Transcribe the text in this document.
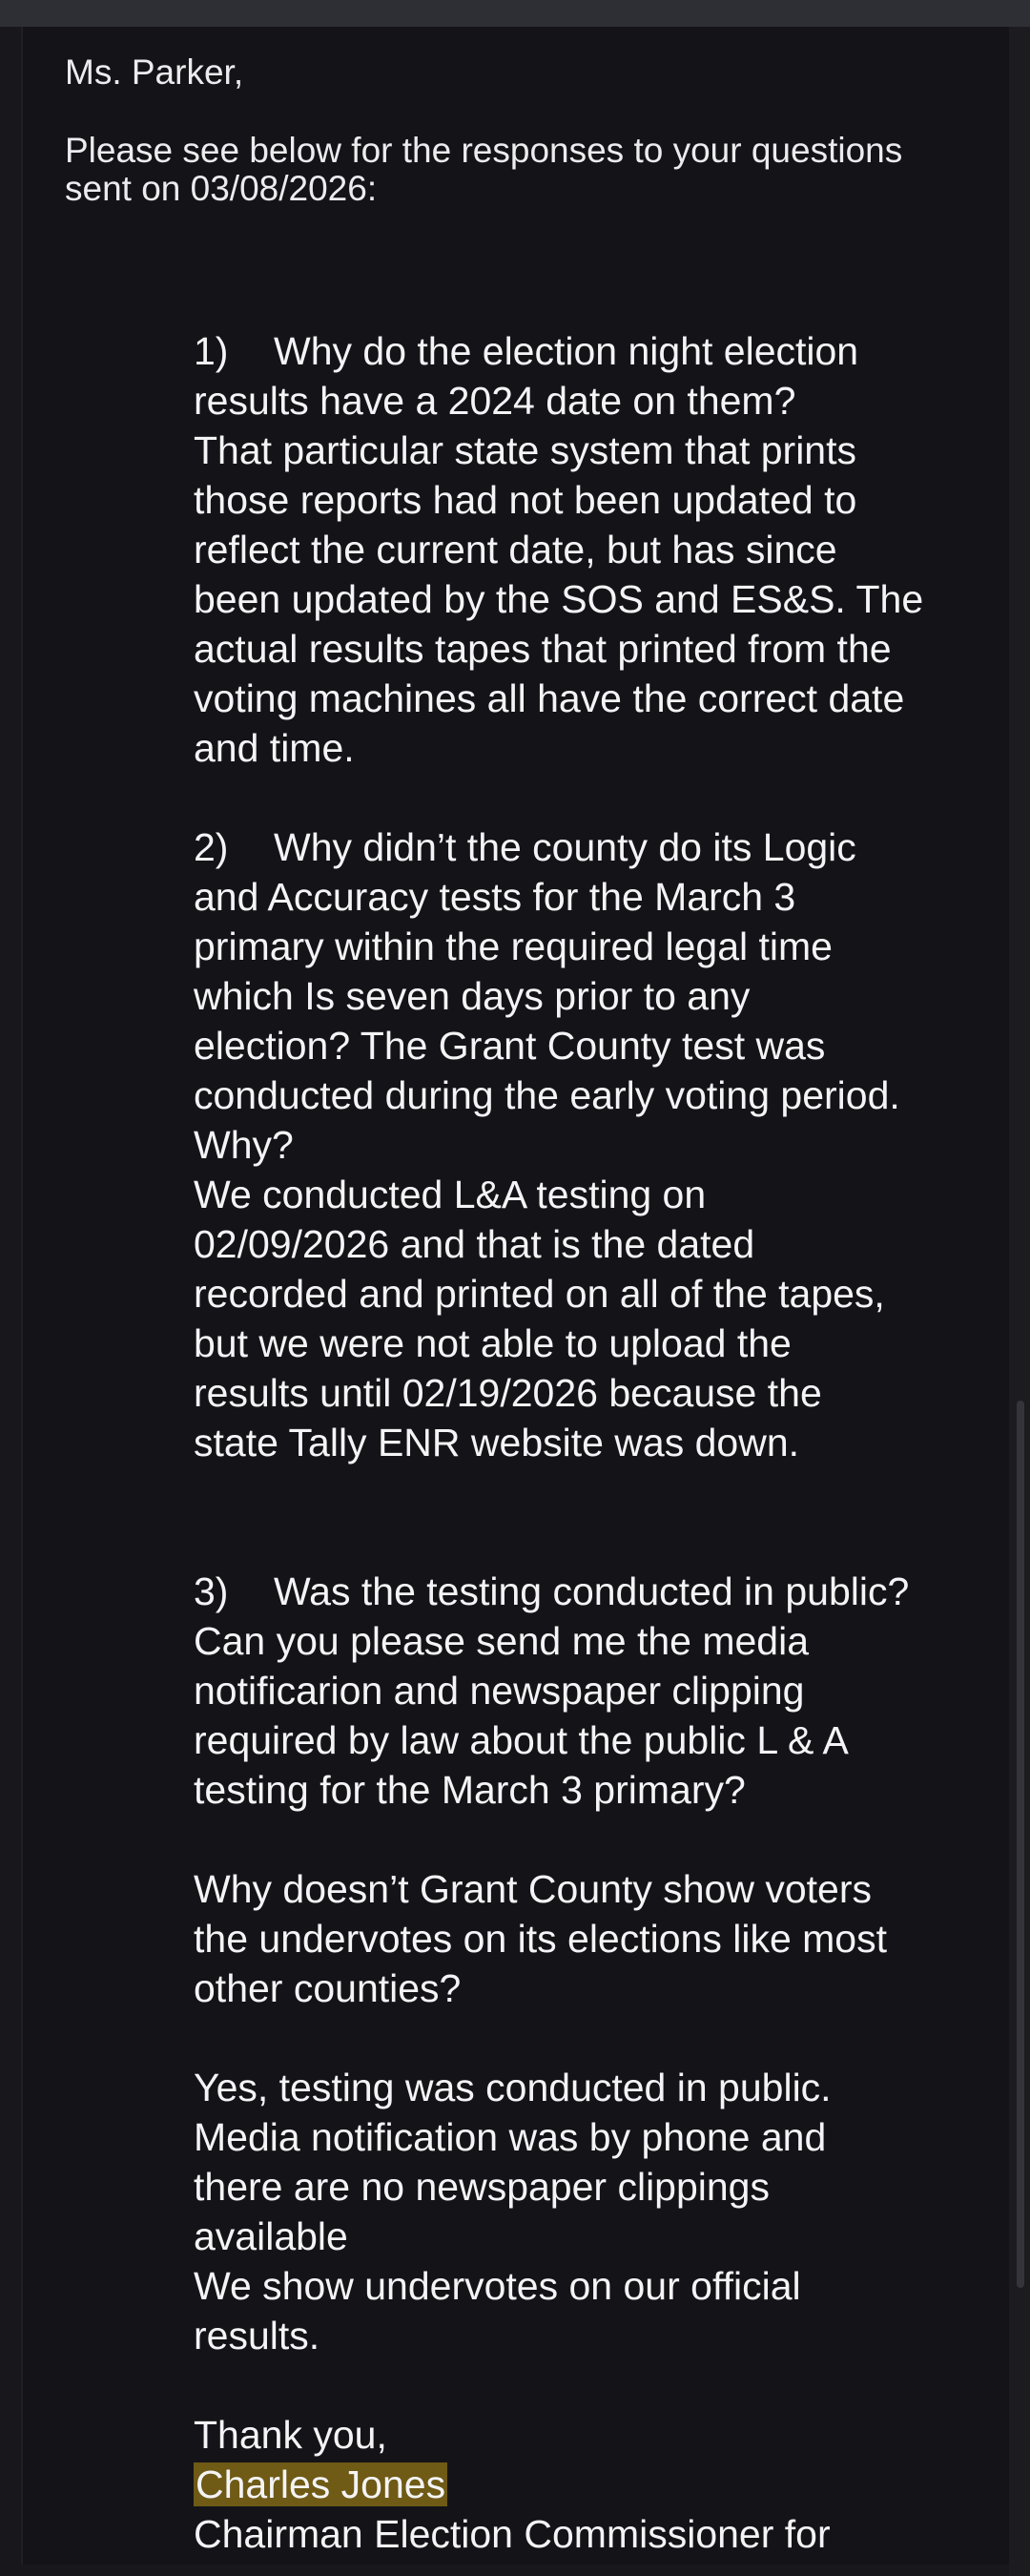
Ms. Parker,

Please see below for the responses to your questions
sent on 03/08/2026:
1) Why do the election night election
results have a 2024 date on them?
That particular state system that prints
those reports had not been updated to
reflect the current date, but has since
been updated by the SOS and ES&S. The
actual results tapes that printed from the
voting machines all have the correct date
and time.
2) Why didn’t the county do its Logic
and Accuracy tests for the March 3
primary within the required legal time
which Is seven days prior to any
election? The Grant County test was
conducted during the early voting period.
Why?
We conducted L&A testing on
02/09/2026 and that is the dated
recorded and printed on all of the tapes,
but we were not able to upload the
results until 02/19/2026 because the
state Tally ENR website was down.
3) Was the testing conducted in public?
Can you please send me the media
notificarion and newspaper clipping
required by law about the public L & A
testing for the March 3 primary?
Why doesn’t Grant County show voters
the undervotes on its elections like most
other counties?
Yes, testing was conducted in public.
Media notification was by phone and
there are no newspaper clippings
available
We show undervotes on our official
results.
Thank you,
Charles Jones
Chairman Election Commissioner for
